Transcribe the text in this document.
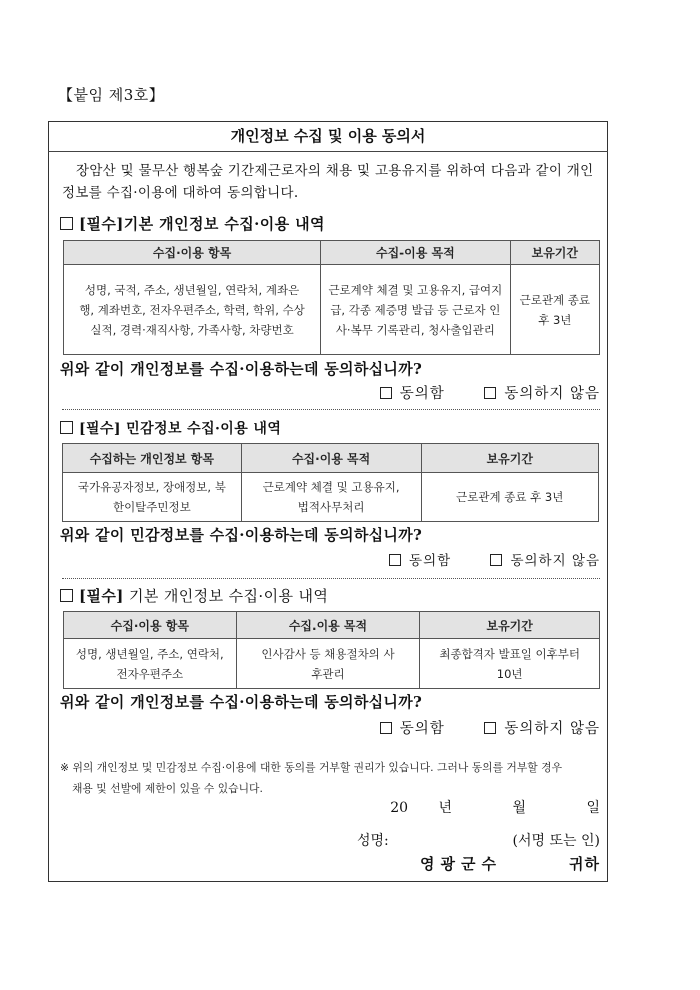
【붙임 제3호】
개인정보 수집 및 이용 동의서
장암산 및 물무산 행복숲 기간제근로자의 채용 및 고용유지를 위하여 다음과 같이 개인정보를 수집·이용에 대하여 동의합니다.
[필수]기본 개인정보 수집·이용 내역
수집·이용 항목	수집-이용 목적	보유기간
성명, 국적, 주소, 생년월일, 연락처, 계좌은행, 계좌번호, 전자우편주소, 학력, 학위, 수상실적, 경력·재직사항, 가족사항, 차량번호	근로계약 체결 및 고용유지, 급여지급, 각종 제증명 발급 등 근로자 인사·복무 기록관리, 청사출입관리	근로관계 종료 후 3년
위와 같이 개인정보를 수집·이용하는데 동의하십니까?
동의함	동의하지 않음
[필수] 민감정보 수집·이용 내역
수집하는 개인정보 항목	수집·이용 목적	보유기간
국가유공자정보, 장애정보, 북한이탈주민정보	근로계약 체결 및 고용유지, 법적사무처리	근로관계 종료 후 3년
위와 같이 민감정보를 수집·이용하는데 동의하십니까?
동의함	동의하지 않음
[필수] 기본 개인정보 수집·이용 내역
수집·이용 항목	수집.이용 목적	보유기간
성명, 생년월일, 주소, 연락처, 전자우편주소	인사감사 등 채용절차의 사후관리	최종합격자 발표일 이후부터 10년
위와 같이 개인정보를 수집·이용하는데 동의하십니까?
동의함	동의하지 않음
※ 위의 개인정보 및 민감정보 수집·이용에 대한 동의를 거부할 권리가 있습니다. 그러나 동의를 거부할 경우
채용 및 선발에 제한이 있을 수 있습니다.
20 년	월	일
성명:	(서명 또는 인)
영광군수	귀하
